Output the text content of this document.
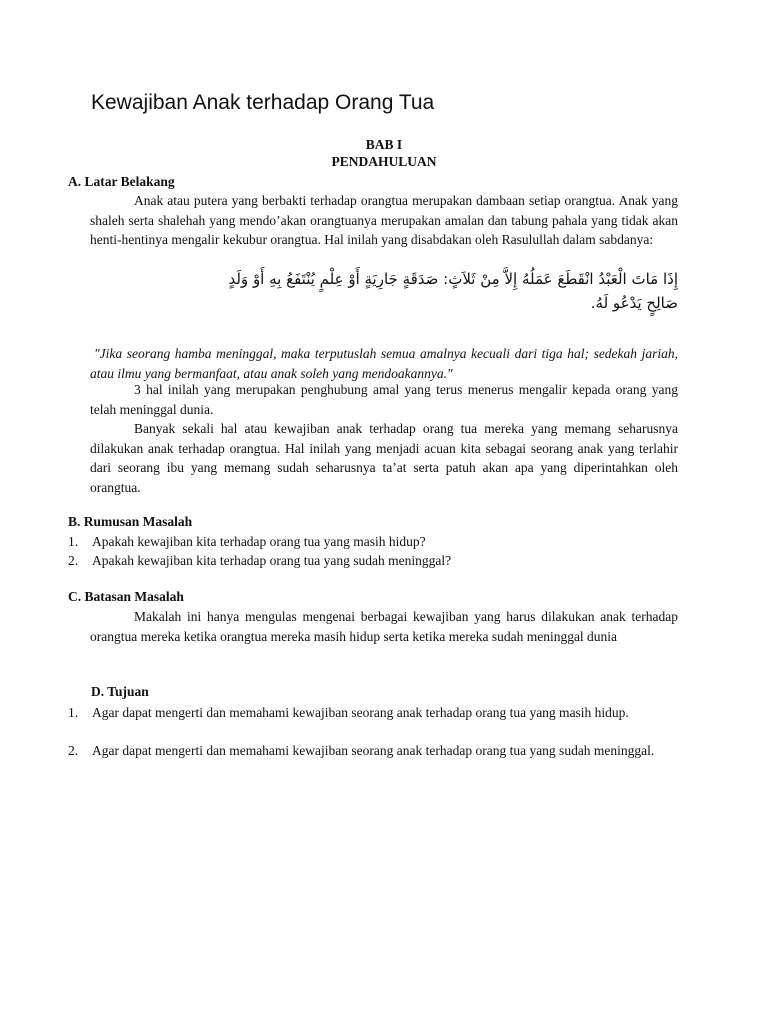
Kewajiban Anak terhadap Orang Tua
BAB I
PENDAHULUAN
A. Latar Belakang

Anak atau putera yang berbakti terhadap orangtua merupakan dambaan setiap orangtua. Anak yang shaleh serta shalehah yang mendo’akan orangtuanya merupakan amalan dan tabung pahala yang tidak akan henti-hentinya mengalir kekubur orangtua. Hal inilah yang disabdakan oleh Rasulullah dalam sabdanya:

إِذَا مَاتَ الْعَبْدُ انْقَطَعَ عَمَلُهُ إِلاَّ مِنْ ثَلاَثٍ: صَدَقَةٍ جَارِيَةٍ أَوْ عِلْمٍ يُنْتَفَعُ بِهِ أَوْ وَلَدٍ
صَالِحٍ يَدْعُو لَهُ.

"Jika seorang hamba meninggal, maka terputuslah semua amalnya kecuali dari tiga hal; sedekah jariah, atau ilmu yang bermanfaat, atau anak soleh yang mendoakannya."

3 hal inilah yang merupakan penghubung amal yang terus menerus mengalir kepada orang yang telah meninggal dunia.

Banyak sekali hal atau kewajiban anak terhadap orang tua mereka yang memang seharusnya dilakukan anak terhadap orangtua. Hal inilah yang menjadi acuan kita sebagai seorang anak yang terlahir dari seorang ibu yang memang sudah seharusnya ta’at serta patuh akan apa yang diperintahkan oleh orangtua.

B. Rumusan Masalah
1. Apakah kewajiban kita terhadap orang tua yang masih hidup?
2. Apakah kewajiban kita terhadap orang tua yang sudah meninggal?
C. Batasan Masalah

Makalah ini hanya mengulas mengenai berbagai kewajiban yang harus dilakukan anak terhadap orangtua mereka ketika orangtua mereka masih hidup serta ketika mereka sudah meninggal dunia

D. Tujuan
1. Agar dapat mengerti dan memahami kewajiban seorang anak terhadap orang tua yang masih hidup.
2. Agar dapat mengerti dan memahami kewajiban seorang anak terhadap orang tua yang sudah meninggal.
